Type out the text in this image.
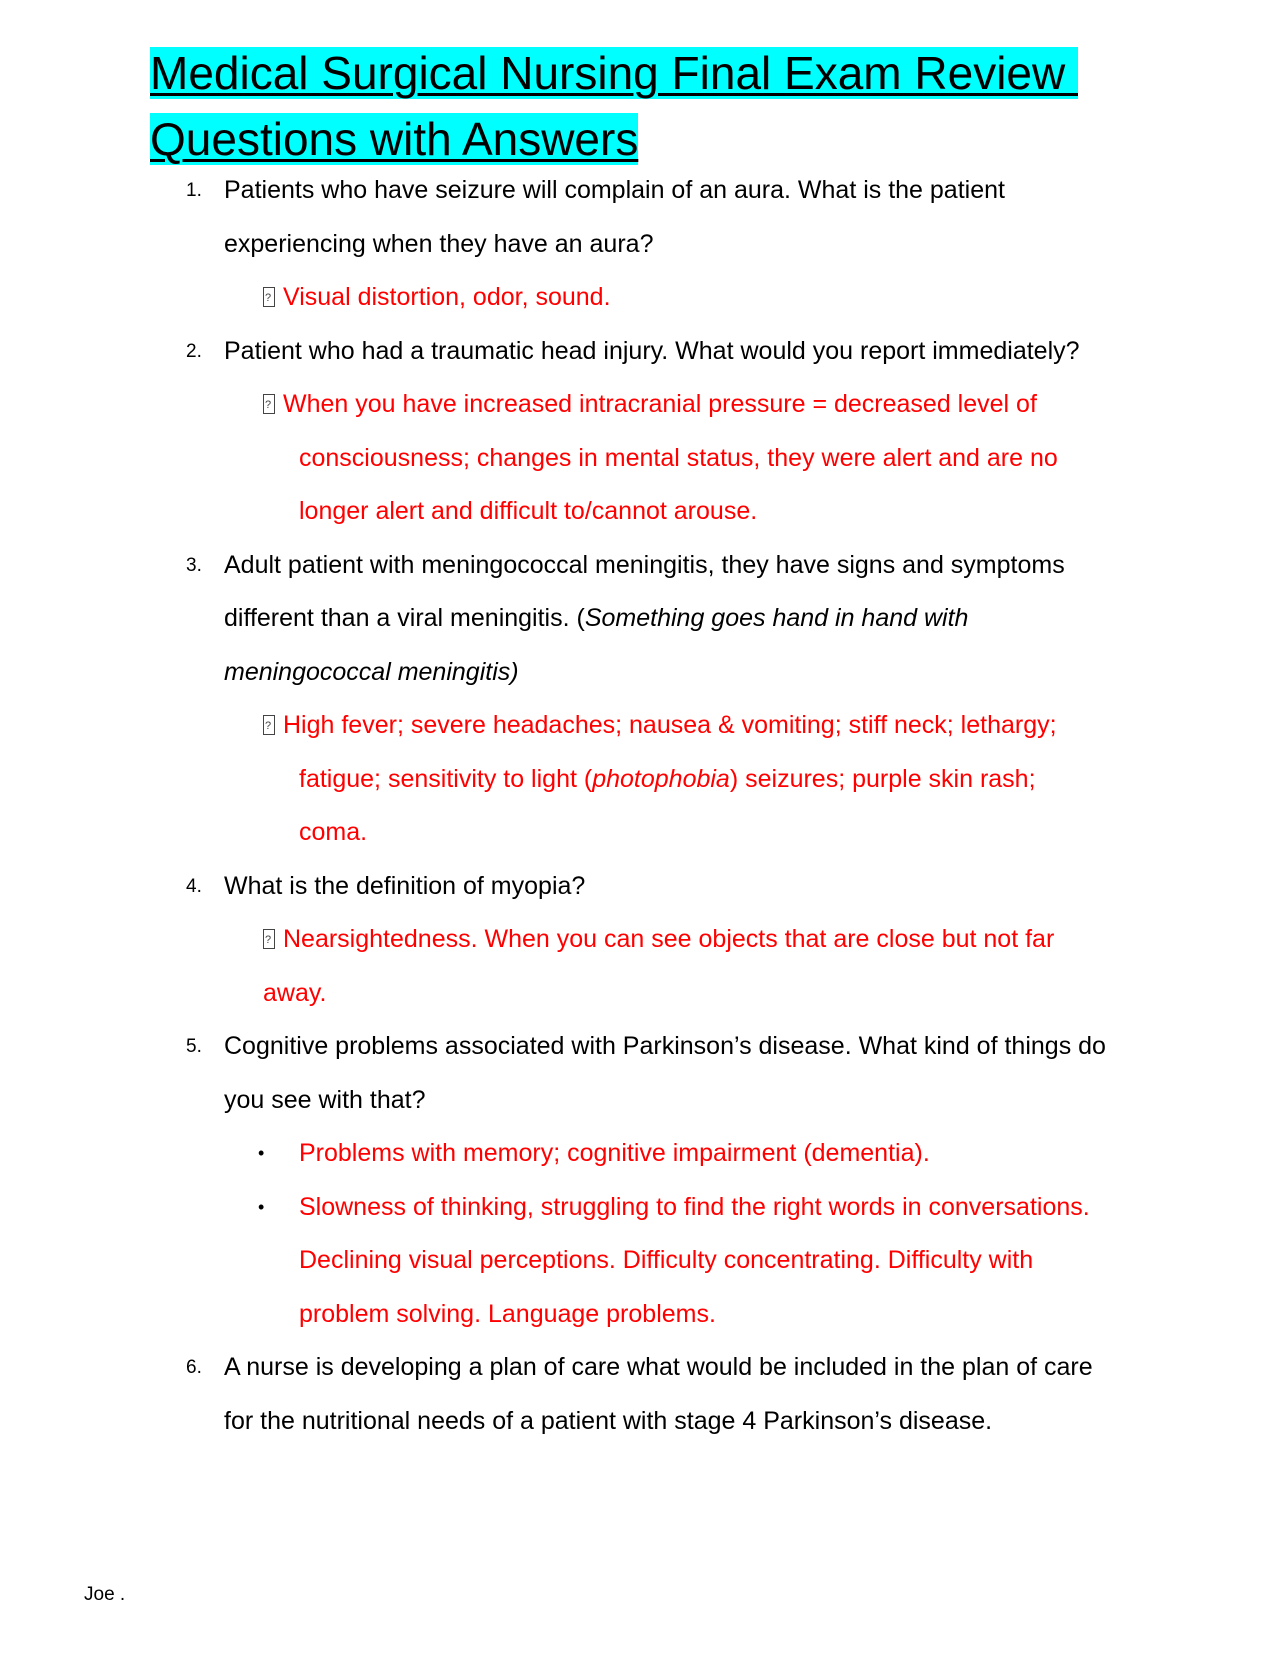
Medical Surgical Nursing Final Exam Review
Questions with Answers
1. Patients who have seizure will complain of an aura. What is the patient experiencing when they have an aura?
?Visual distortion, odor, sound.
2. Patient who had a traumatic head injury. What would you report immediately?
?When you have increased intracranial pressure = decreased level of consciousness; changes in mental status, they were alert and are no longer alert and difficult to/cannot arouse.
3. Adult patient with meningococcal meningitis, they have signs and symptoms different than a viral meningitis. (Something goes hand in hand with meningococcal meningitis)
?High fever; severe headaches; nausea & vomiting; stiff neck; lethargy; fatigue; sensitivity to light (photophobia) seizures; purple skin rash; coma.
4. What is the definition of myopia?
?Nearsightedness. When you can see objects that are close but not far away.
5. Cognitive problems associated with Parkinson’s disease. What kind of things do you see with that?
• Problems with memory; cognitive impairment (dementia).
• Slowness of thinking, struggling to find the right words in conversations. Declining visual perceptions. Difficulty concentrating. Difficulty with problem solving. Language problems.
6. A nurse is developing a plan of care what would be included in the plan of care for the nutritional needs of a patient with stage 4 Parkinson’s disease.
Joe .
